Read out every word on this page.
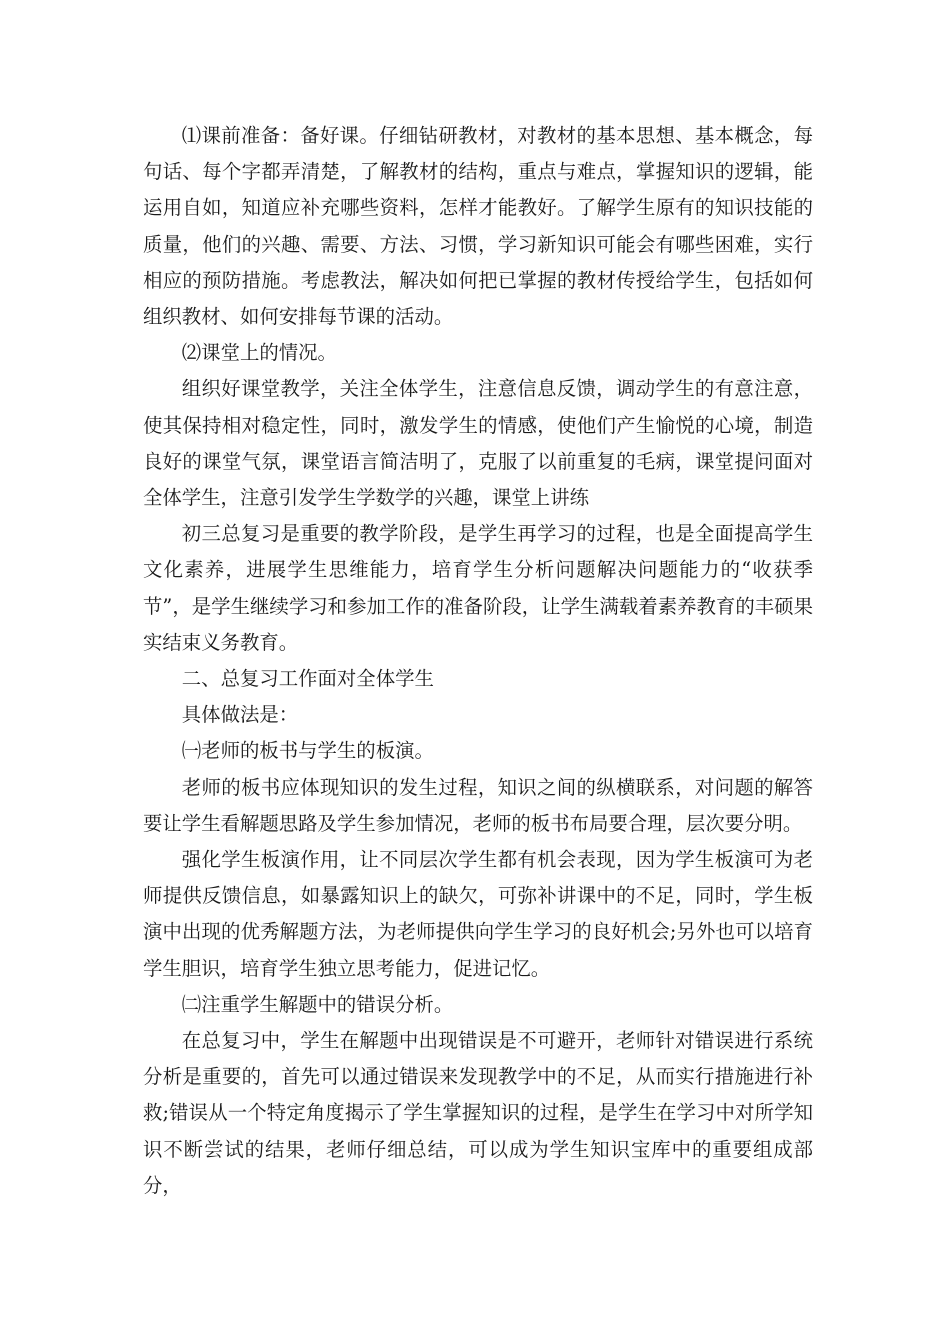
⑴课前准备：备好课。仔细钻研教材，对教材的基本思想、基本概念，每句话、每个字都弄清楚，了解教材的结构，重点与难点，掌握知识的逻辑，能运用自如，知道应补充哪些资料，怎样才能教好。了解学生原有的知识技能的质量，他们的兴趣、需要、方法、习惯，学习新知识可能会有哪些困难，实行相应的预防措施。考虑教法，解决如何把已掌握的教材传授给学生，包括如何组织教材、如何安排每节课的活动。

⑵课堂上的情况。

组织好课堂教学，关注全体学生，注意信息反馈，调动学生的有意注意，使其保持相对稳定性，同时，激发学生的情感，使他们产生愉悦的心境，制造良好的课堂气氛，课堂语言简洁明了，克服了以前重复的毛病，课堂提问面对全体学生，注意引发学生学数学的兴趣，课堂上讲练

初三总复习是重要的教学阶段，是学生再学习的过程，也是全面提高学生文化素养，进展学生思维能力，培育学生分析问题解决问题能力的“收获季节”，是学生继续学习和参加工作的准备阶段，让学生满载着素养教育的丰硕果实结束义务教育。

二、总复习工作面对全体学生

具体做法是：

㈠老师的板书与学生的板演。

老师的板书应体现知识的发生过程，知识之间的纵横联系，对问题的解答要让学生看解题思路及学生参加情况，老师的板书布局要合理，层次要分明。

强化学生板演作用，让不同层次学生都有机会表现，因为学生板演可为老师提供反馈信息，如暴露知识上的缺欠，可弥补讲课中的不足，同时，学生板演中出现的优秀解题方法，为老师提供向学生学习的良好机会;另外也可以培育学生胆识，培育学生独立思考能力，促进记忆。

㈡注重学生解题中的错误分析。

在总复习中，学生在解题中出现错误是不可避开，老师针对错误进行系统分析是重要的，首先可以通过错误来发现教学中的不足，从而实行措施进行补救;错误从一个特定角度揭示了学生掌握知识的过程，是学生在学习中对所学知识不断尝试的结果，老师仔细总结，可以成为学生知识宝库中的重要组成部分，
